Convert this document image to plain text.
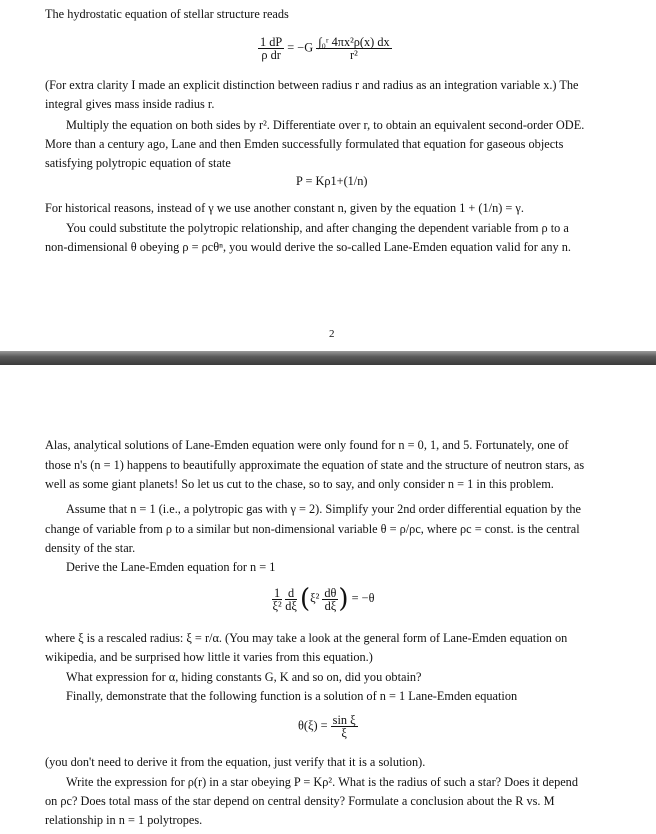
The hydrostatic equation of stellar structure reads
$\frac{1 dP}{\text{ρ dr}} = -G \frac{\text{∫₀ʳ 4πx²ρ(x) dx}}{\text{r²}}$
(For extra clarity I made an explicit distinction between radius r and radius as an integration variable x.) The
integral gives mass inside radius r.
Multiply the equation on both sides by r². Differentiate over r, to obtain an equivalent second-order ODE.
More than a century ago, Lane and then Emden successfully formulated that equation for gaseous objects
satisfying polytropic equation of state
P = Kρ1+(1/n)
For historical reasons, instead of γ we use another constant n, given by the equation 1 + (1/n) = γ.
You could substitute the polytropic relationship, and after changing the dependent variable from ρ to a
non-dimensional θ obeying ρ = ρcθⁿ, you would derive the so-called Lane-Emden equation valid for any n.
2
Alas, analytical solutions of Lane-Emden equation were only found for n = 0, 1, and 5. Fortunately, one of
those n's (n = 1) happens to beautifully approximate the equation of state and the structure of neutron stars, as
well as some giant planets! So let us cut to the chase, so to say, and only consider n = 1 in this problem.
Assume that n = 1 (i.e., a polytropic gas with γ = 2). Simplify your 2nd order differential equation by the
change of variable from ρ to a similar but non-dimensional variable θ = ρ/ρc, where ρc = const. is the central
density of the star.
Derive the Lane-Emden equation for n = 1
$\frac{1}{\text{ξ²}}$
$\frac{d}{d\xi} (\xi^2 \frac{d\theta}{d\xi}$ ) = −θ
where ξ is a rescaled radius: ξ = r/α. (You may take a look at the general form of Lane-Emden equation on
wikipedia, and be surprised how little it varies from this equation.)
What expression for α, hiding constants G, K and so on, did you obtain?
Finally, demonstrate that the following function is a solution of n = 1 Lane-Emden equation
$\theta(\xi) = \frac{\text{sin ξ}}{\xi}$
(you don't need to derive it from the equation, just verify that it is a solution).
Write the expression for ρ(r) in a star obeying P = Kρ². What is the radius of such a star? Does it depend
on ρc? Does total mass of the star depend on central density? Formulate a conclusion about the R vs. M
relationship in n = 1 polytropes.
